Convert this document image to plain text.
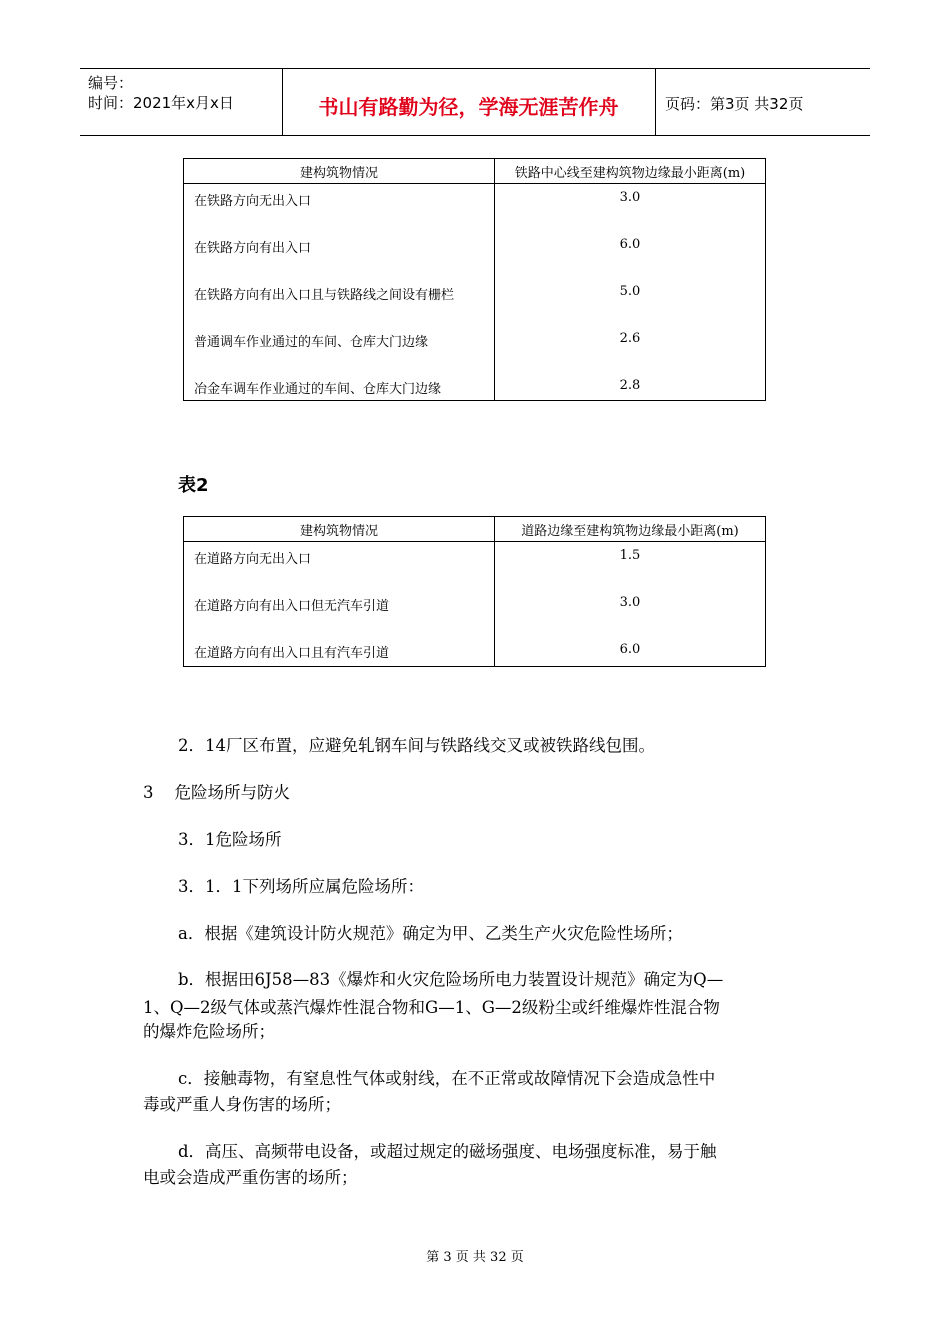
编号：
时间：2021年x月x日	书山有路勤为径，学海无涯苦作舟	页码：第3页 共32页
建构筑物情况	铁路中心线至建构筑物边缘最小距离(m)
在铁路方向无出入口	3.0
在铁路方向有出入口	6.0
在铁路方向有出入口且与铁路线之间设有栅栏	5.0
普通调车作业通过的车间、仓库大门边缘	2.6
冶金车调车作业通过的车间、仓库大门边缘	2.8
表2
建构筑物情况	道路边缘至建构筑物边缘最小距离(m)
在道路方向无出入口	1.5
在道路方向有出入口但无汽车引道	3.0
在道路方向有出入口且有汽车引道	6.0
2．14厂区布置，应避免轧钢车间与铁路线交叉或被铁路线包围。
3    危险场所与防火
3．1危险场所
3．1．1下列场所应属危险场所：
a．根据《建筑设计防火规范》确定为甲、乙类生产火灾危险性场所；
b．根据田6J58—83《爆炸和火灾危险场所电力装置设计规范》确定为Q—
1、Q—2级气体或蒸汽爆炸性混合物和G—1、G—2级粉尘或纤维爆炸性混合物
的爆炸危险场所；
c．接触毒物，有窒息性气体或射线，在不正常或故障情况下会造成急性中
毒或严重人身伤害的场所；
d．高压、高频带电设备，或超过规定的磁场强度、电场强度标准，易于触
电或会造成严重伤害的场所；
第 3 页 共 32 页
